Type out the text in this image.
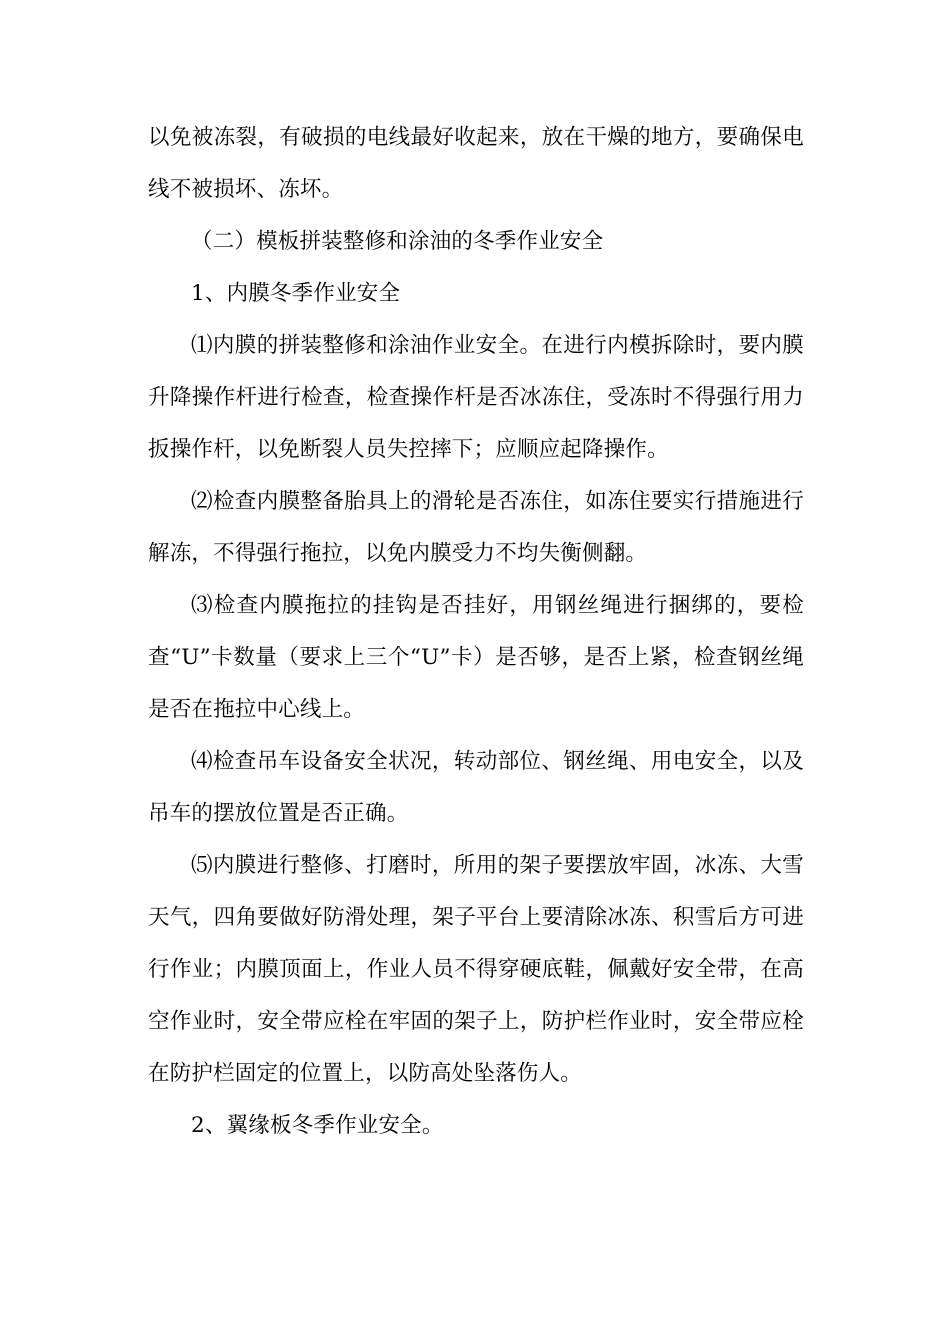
以免被冻裂，有破损的电线最好收起来，放在干燥的地方，要确保电线不被损坏、冻坏。

（二）模板拼装整修和涂油的冬季作业安全

1、内膜冬季作业安全

⑴内膜的拼装整修和涂油作业安全。在进行内模拆除时，要内膜升降操作杆进行检查，检查操作杆是否冰冻住，受冻时不得强行用力扳操作杆，以免断裂人员失控摔下；应顺应起降操作。

⑵检查内膜整备胎具上的滑轮是否冻住，如冻住要实行措施进行解冻，不得强行拖拉，以免内膜受力不均失衡侧翻。

⑶检查内膜拖拉的挂钩是否挂好，用钢丝绳进行捆绑的，要检查“U”卡数量（要求上三个“U”卡）是否够，是否上紧，检查钢丝绳是否在拖拉中心线上。

⑷检查吊车设备安全状况，转动部位、钢丝绳、用电安全，以及吊车的摆放位置是否正确。

⑸内膜进行整修、打磨时，所用的架子要摆放牢固，冰冻、大雪天气，四角要做好防滑处理，架子平台上要清除冰冻、积雪后方可进行作业；内膜顶面上，作业人员不得穿硬底鞋，佩戴好安全带，在高空作业时，安全带应栓在牢固的架子上，防护栏作业时，安全带应栓在防护栏固定的位置上，以防高处坠落伤人。

2、翼缘板冬季作业安全。
